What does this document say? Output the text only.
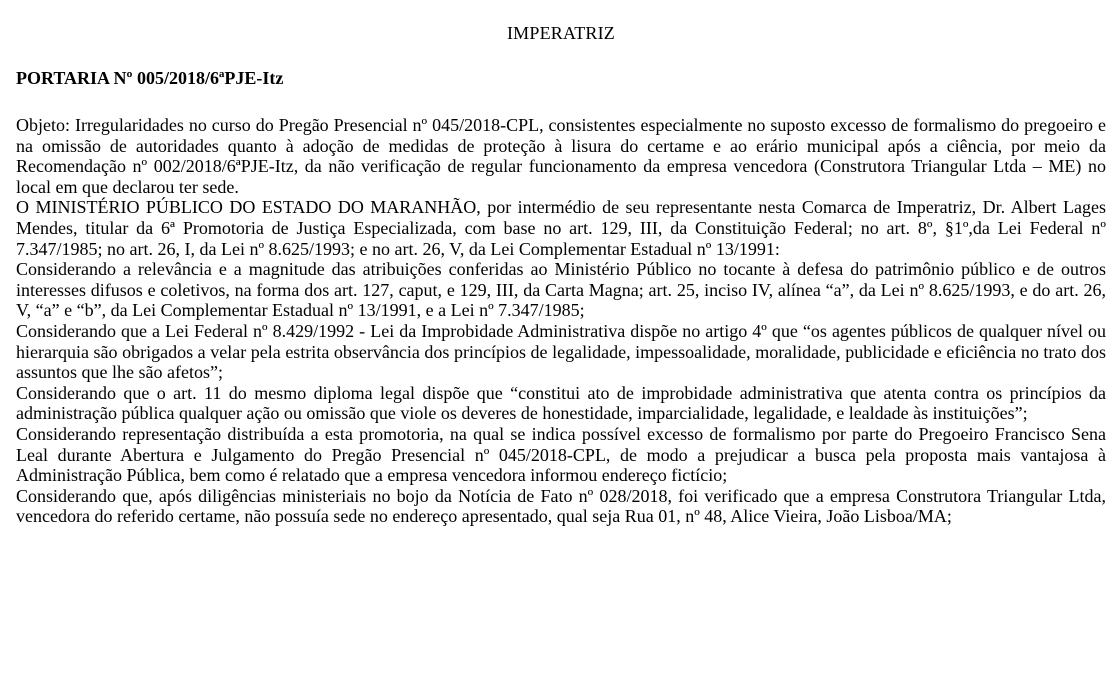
IMPERATRIZ
PORTARIA Nº 005/2018/6ªPJE-Itz

Objeto: Irregularidades no curso do Pregão Presencial nº 045/2018-CPL, consistentes especialmente no suposto excesso de formalismo do pregoeiro e na omissão de autoridades quanto à adoção de medidas de proteção à lisura do certame e ao erário municipal após a ciência, por meio da Recomendação nº 002/2018/6ªPJE-Itz, da não verificação de regular funcionamento da empresa vencedora (Construtora Triangular Ltda – ME) no local em que declarou ter sede.

O MINISTÉRIO PÚBLICO DO ESTADO DO MARANHÃO, por intermédio de seu representante nesta Comarca de Imperatriz, Dr. Albert Lages Mendes, titular da 6ª Promotoria de Justiça Especializada, com base no art. 129, III, da Constituição Federal; no art. 8º, §1º,da Lei Federal nº 7.347/1985; no art. 26, I, da Lei nº 8.625/1993; e no art. 26, V, da Lei Complementar Estadual nº 13/1991:

Considerando a relevância e a magnitude das atribuições conferidas ao Ministério Público no tocante à defesa do patrimônio público e de outros interesses difusos e coletivos, na forma dos art. 127, caput, e 129, III, da Carta Magna; art. 25, inciso IV, alínea “a”, da Lei nº 8.625/1993, e do art. 26, V, “a” e “b”, da Lei Complementar Estadual nº 13/1991, e a Lei nº 7.347/1985;

Considerando que a Lei Federal nº 8.429/1992 - Lei da Improbidade Administrativa dispõe no artigo 4º que “os agentes públicos de qualquer nível ou hierarquia são obrigados a velar pela estrita observância dos princípios de legalidade, impessoalidade, moralidade, publicidade e eficiência no trato dos assuntos que lhe são afetos”;

Considerando que o art. 11 do mesmo diploma legal dispõe que “constitui ato de improbidade administrativa que atenta contra os princípios da administração pública qualquer ação ou omissão que viole os deveres de honestidade, imparcialidade, legalidade, e lealdade às instituições”;

Considerando representação distribuída a esta promotoria, na qual se indica possível excesso de formalismo por parte do Pregoeiro Francisco Sena Leal durante Abertura e Julgamento do Pregão Presencial nº 045/2018-CPL, de modo a prejudicar a busca pela proposta mais vantajosa à Administração Pública, bem como é relatado que a empresa vencedora informou endereço fictício;

Considerando que, após diligências ministeriais no bojo da Notícia de Fato nº 028/2018, foi verificado que a empresa Construtora Triangular Ltda, vencedora do referido certame, não possuía sede no endereço apresentado, qual seja Rua 01, nº 48, Alice Vieira, João Lisboa/MA;
